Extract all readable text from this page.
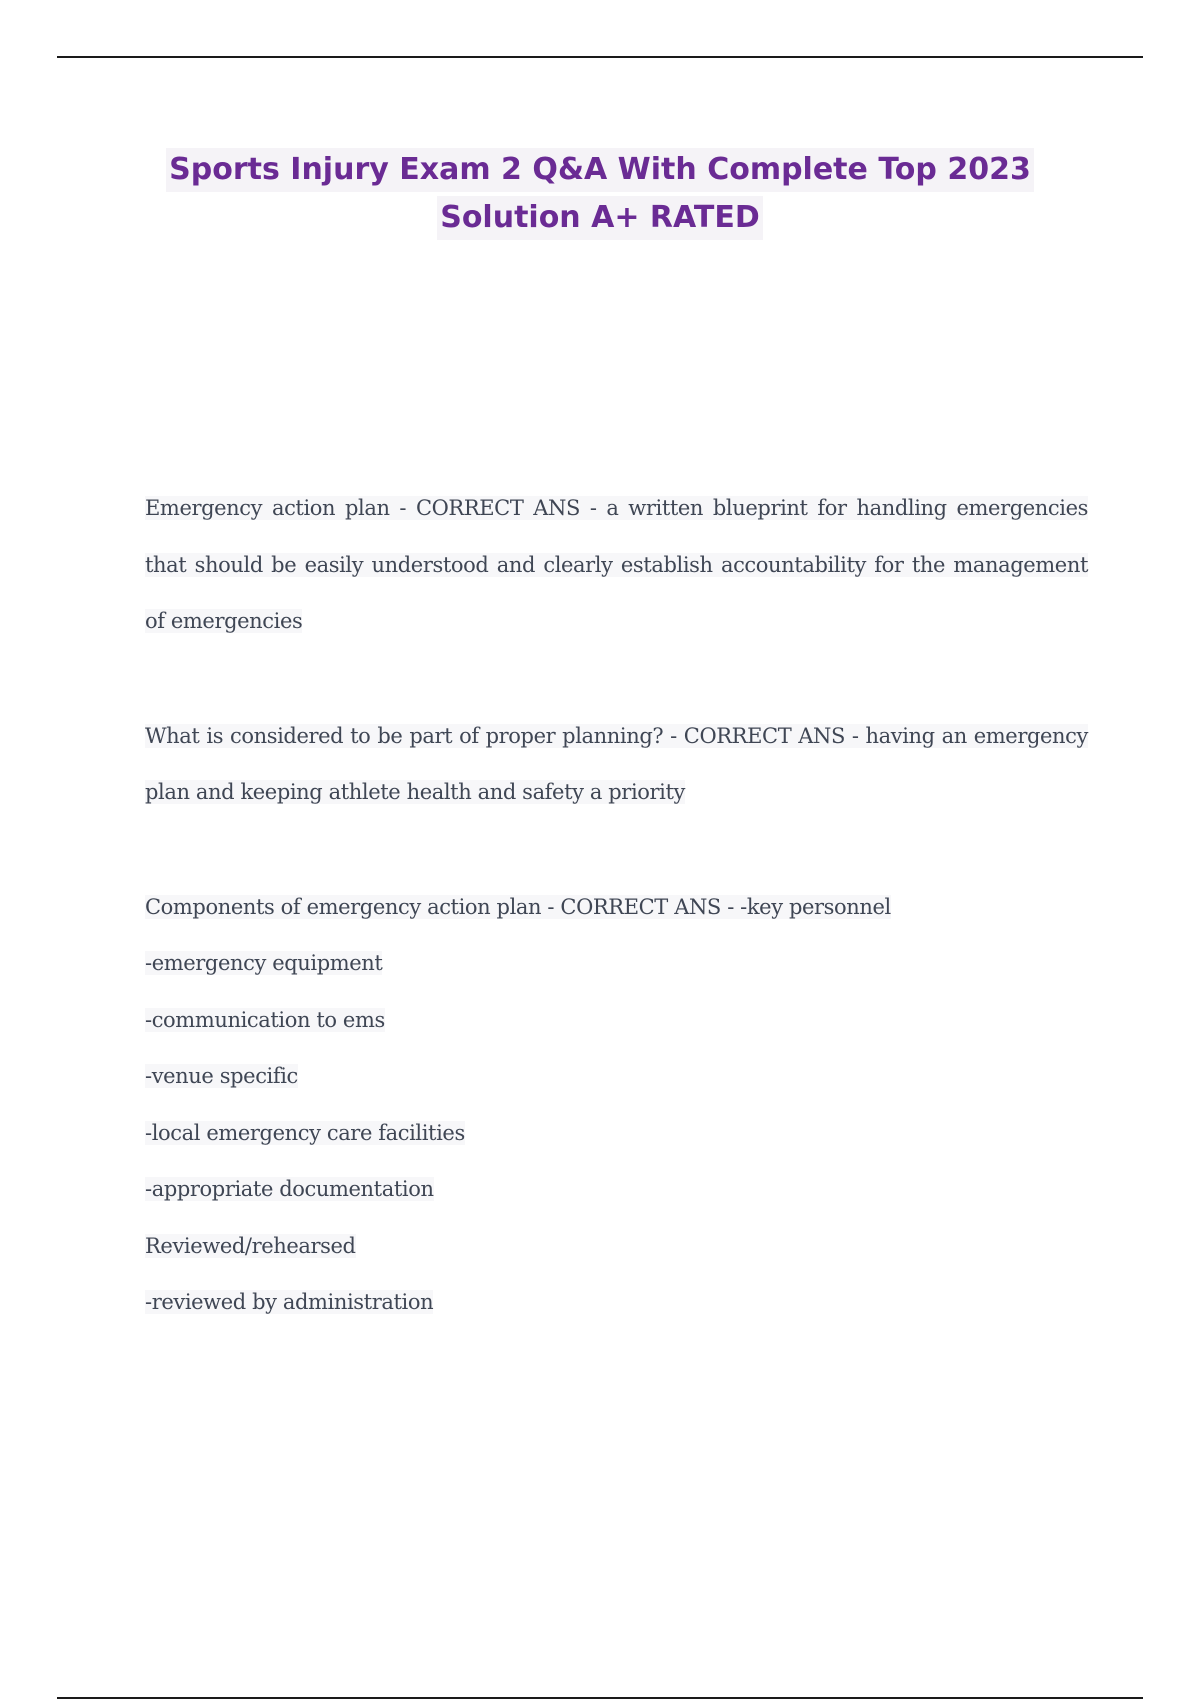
Sports Injury Exam 2 Q&A With Complete Top 2023
Solution A+ RATED

Emergency action plan - CORRECT ANS - a written blueprint for handling emergencies that should be easily understood and clearly establish accountability for the management of emergencies

What is considered to be part of proper planning? - CORRECT ANS - having an emergency plan and keeping athlete health and safety a priority

Components of emergency action plan - CORRECT ANS - -key personnel
-emergency equipment
-communication to ems
-venue specific
-local emergency care facilities
-appropriate documentation
Reviewed/rehearsed
-reviewed by administration
